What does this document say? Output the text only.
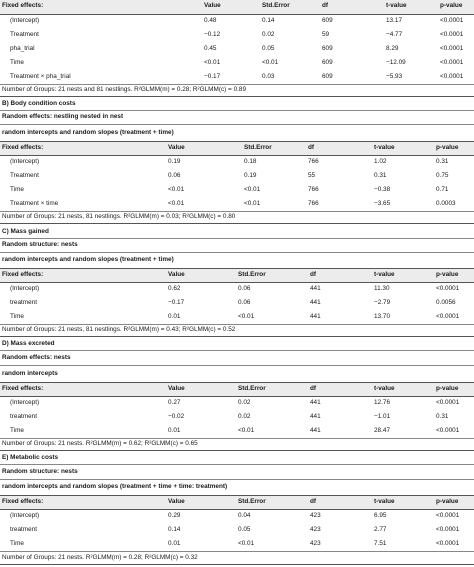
Fixed effects:	Value	Std.Error	df	t-value	p-value
(Intercept)	0.48	0.14	609	13.17	<0.0001
Treatment	−0.12	0.02	59	−4.77	<0.0001
pha_trial	0.45	0.05	609	8.29	<0.0001
Time	<0.01	<0.01	609	−12.09	<0.0001
Treatment × pha_trial	−0.17	0.03	609	−5.93	<0.0001
Number of Groups: 21 nests and 81 nestlings. R²GLMM(m) = 0.28; R²GLMM(c) = 0.89
B) Body condition costs
Random effects: nestling nested in nest
random intercepts and random slopes (treatment + time)
Fixed effects:	Value	Std.Error	df	t-value	p-value
(Intercept)	0.19	0.18	766	1.02	0.31
Treatment	0.06	0.19	55	0.31	0.75
Time	<0.01	<0.01	766	−0.38	0.71
Treatment × time	<0.01	<0.01	766	−3.65	0.0003
Number of Groups: 21 nests, 81 nestlings. R²GLMM(m) = 0.03; R²GLMM(c) = 0.80
C) Mass gained
Random structure: nests
random intercepts and random slopes (treatment + time)
Fixed effects:	Value	Std.Error	df	t-value	p-value
(Intercept)	0.62	0.06	441	11.30	<0.0001
treatment	−0.17	0.06	441	−2.79	0.0056
Time	0.01	<0.01	441	13.70	<0.0001
Number of Groups: 21 nests, 81 nestlings. R²GLMM(m) = 0.43; R²GLMM(c) = 0.52
D) Mass excreted
Random effects: nests
random intercepts
Fixed effects:	Value	Std.Error	df	t-value	p-value
(Intercept)	0.27	0.02	441	12.76	<0.0001
treatment	−0.02	0.02	441	−1.01	0.31
Time	0.01	<0.01	441	28.47	<0.0001
Number of Groups: 21 nests. R²GLMM(m) = 0.62; R²GLMM(c) = 0.65
E) Metabolic costs
Random structure: nests
random intercepts and random slopes (treatment + time + time: treatment)
Fixed effects:	Value	Std.Error	df	t-value	p-value
(Intercept)	0.29	0.04	423	6.95	<0.0001
treatment	0.14	0.05	423	2.77	<0.0001
Time	0.01	<0.01	423	7.51	<0.0001
Number of Groups: 21 nests. R²GLMM(m) = 0.28; R²GLMM(c) = 0.32
